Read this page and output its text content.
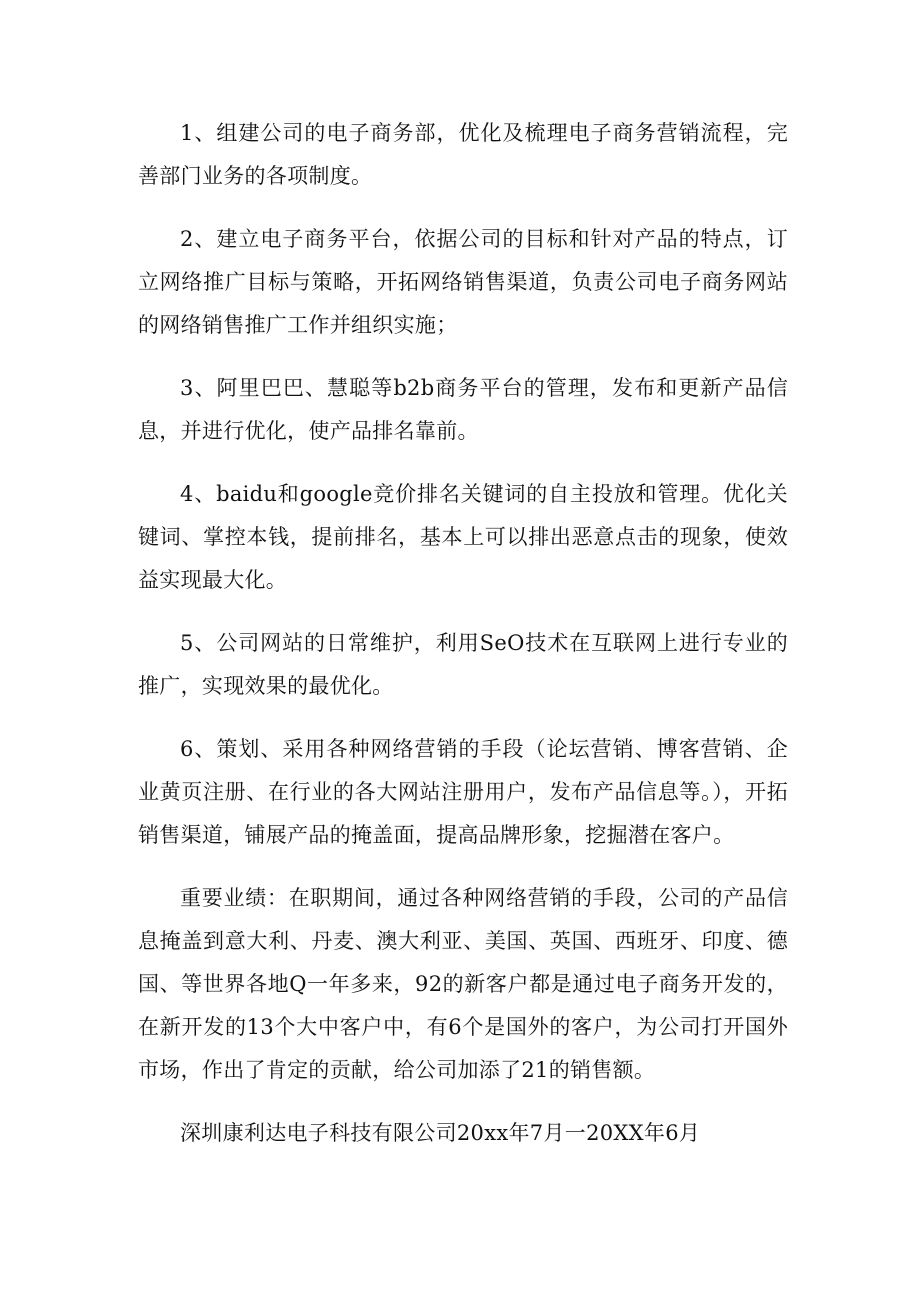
1、组建公司的电子商务部，优化及梳理电子商务营销流程，完善部门业务的各项制度。

2、建立电子商务平台，依据公司的目标和针对产品的特点，订立网络推广目标与策略，开拓网络销售渠道，负责公司电子商务网站的网络销售推广工作并组织实施；

3、阿里巴巴、慧聪等b2b商务平台的管理，发布和更新产品信息，并进行优化，使产品排名靠前。

4、baidu和google竞价排名关键词的自主投放和管理。优化关键词、掌控本钱，提前排名，基本上可以排出恶意点击的现象，使效益实现最大化。

5、公司网站的日常维护，利用SeO技术在互联网上进行专业的推广，实现效果的最优化。

6、策划、采用各种网络营销的手段（论坛营销、博客营销、企业黄页注册、在行业的各大网站注册用户，发布产品信息等。），开拓销售渠道，铺展产品的掩盖面，提高品牌形象，挖掘潜在客户。

重要业绩：在职期间，通过各种网络营销的手段，公司的产品信息掩盖到意大利、丹麦、澳大利亚、美国、英国、西班牙、印度、德国、等世界各地Q一年多来，92的新客户都是通过电子商务开发的，在新开发的13个大中客户中，有6个是国外的客户，为公司打开国外市场，作出了肯定的贡献，给公司加添了21的销售额。

深圳康利达电子科技有限公司20xx年7月一20XX年6月
